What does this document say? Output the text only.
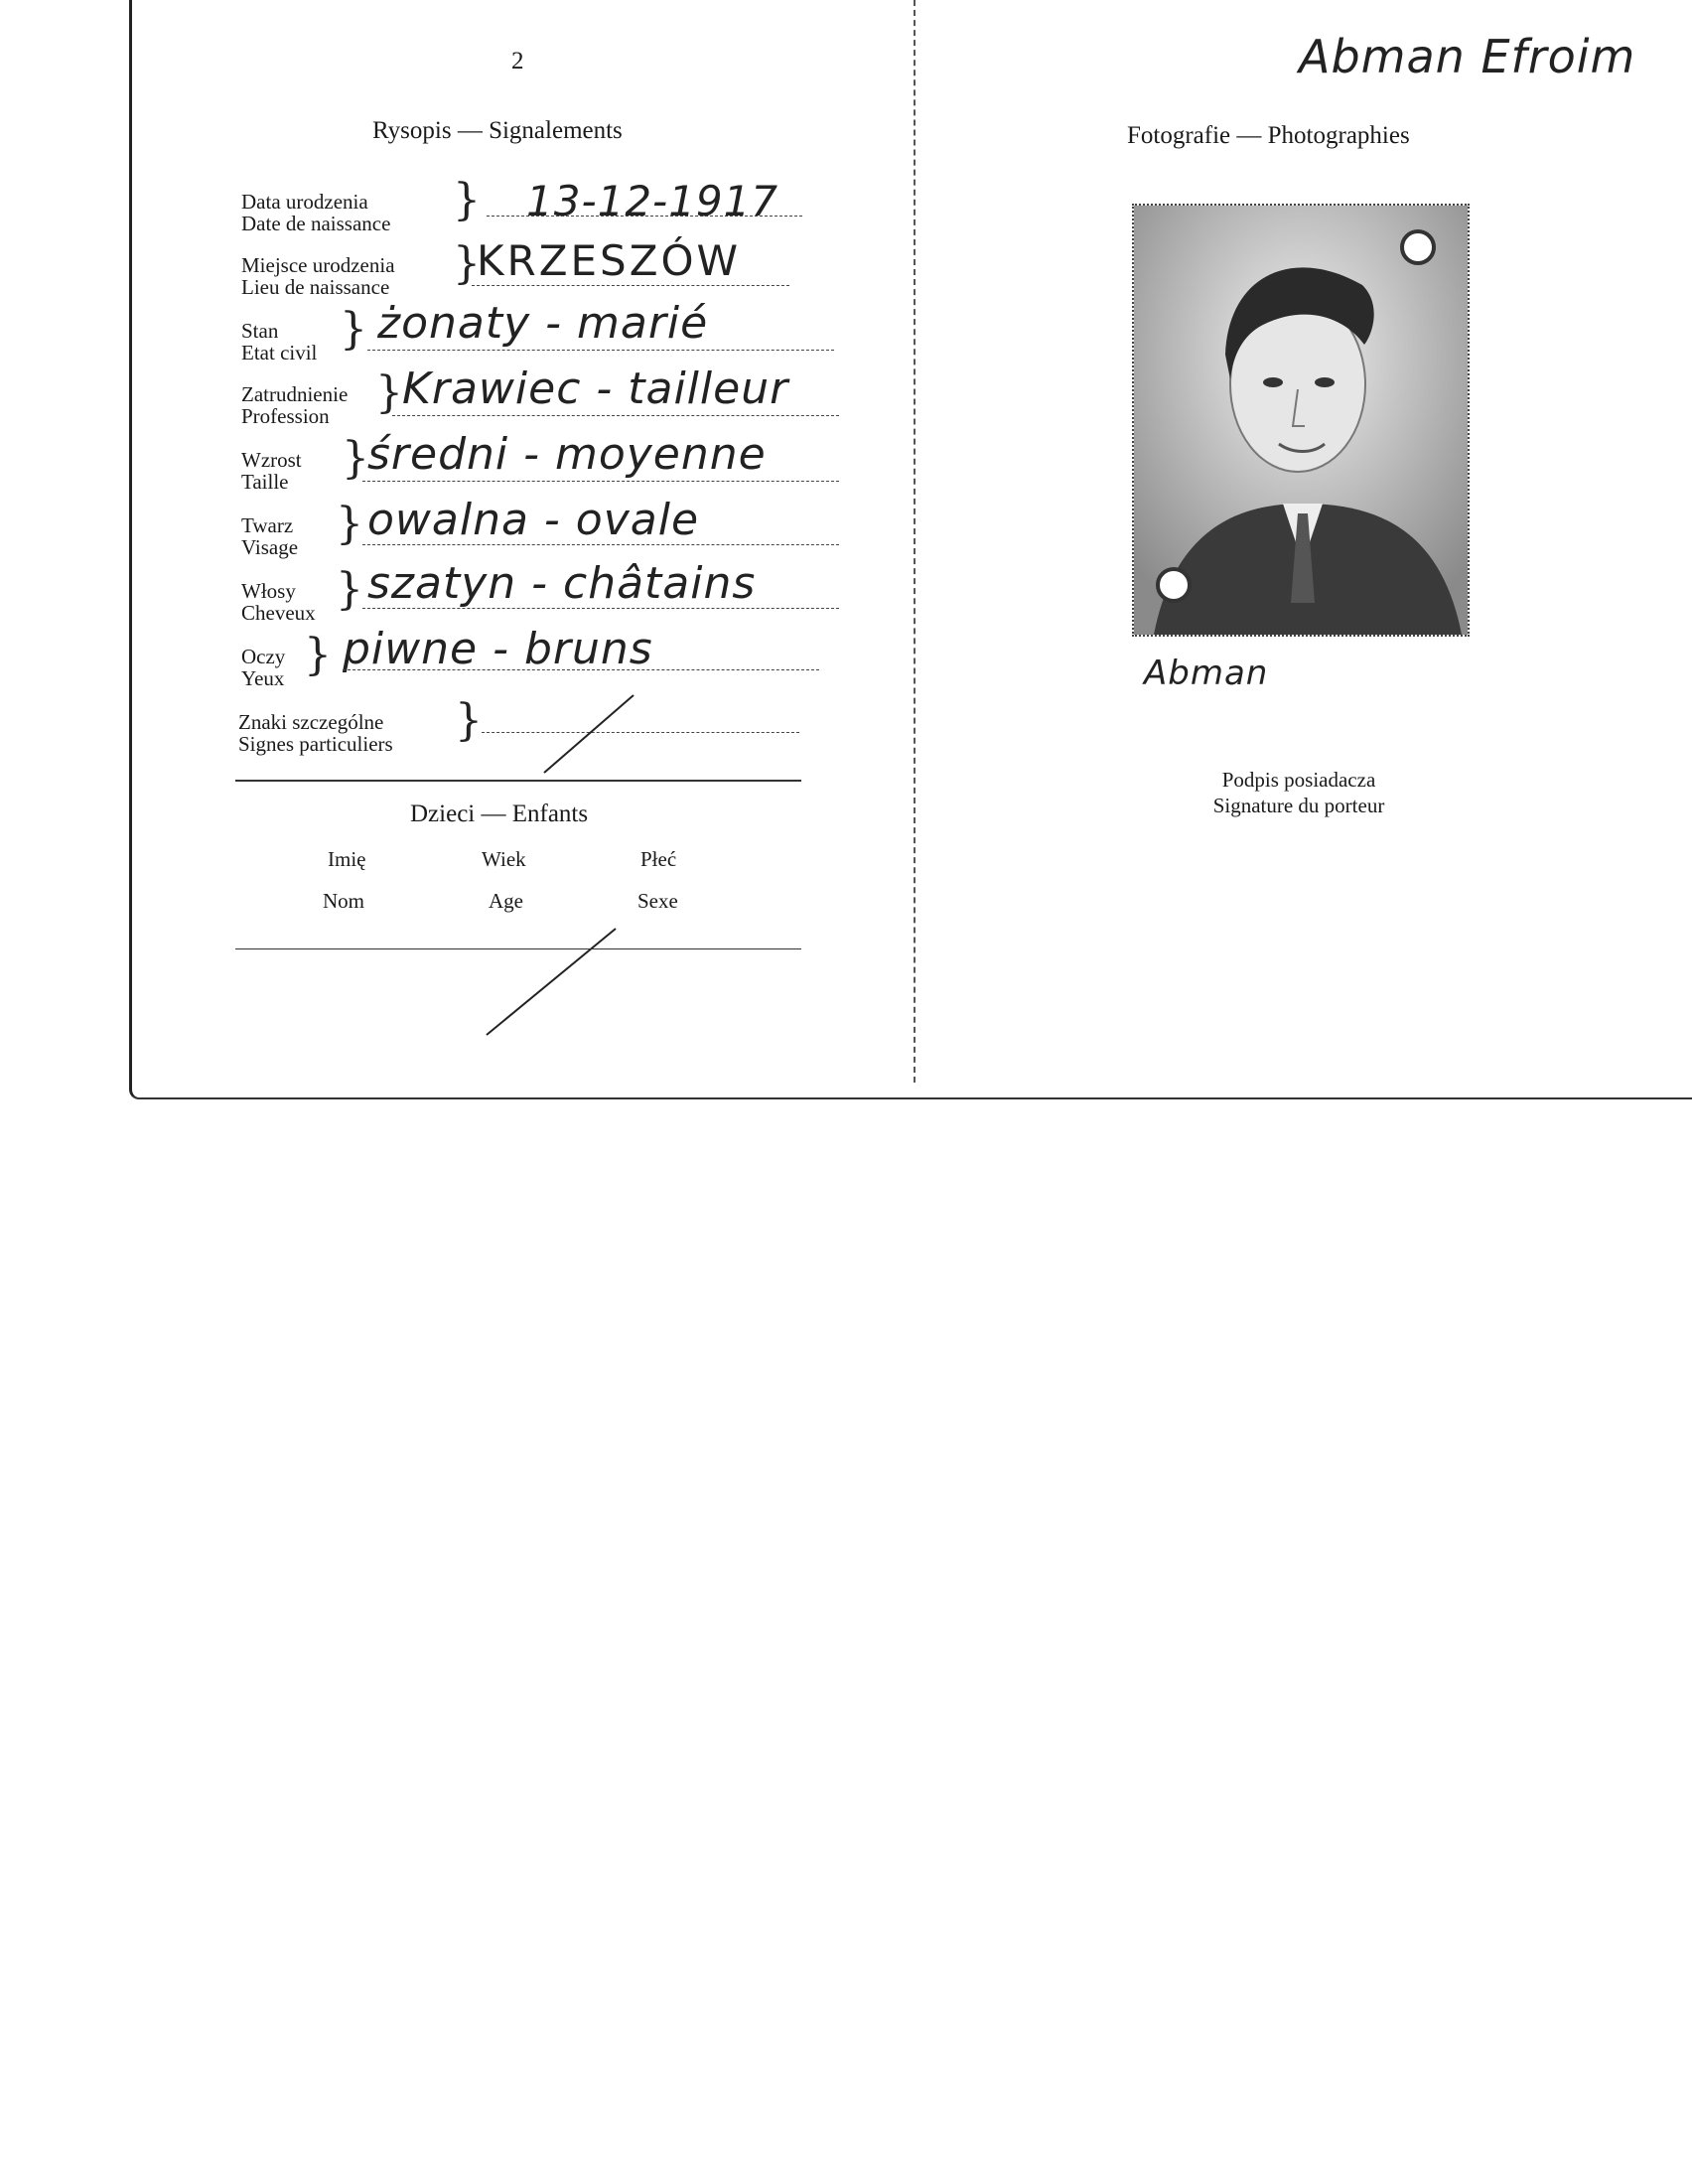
2
Rysopis — Signalements
Data urodzenia
Date de naissance } 13-12-1917
Miejsce urodzenia
Lieu de naissance }
KRZESZÓW
Stan
Etat civil } żonaty - marié
Zatrudnienie
Profession } Krawiec - tailleur
Wzrost
Taille }
średni - moyenne
Twarz
Visage } owalna - ovale
Włosy
Cheveux } szatyn - châtains
Oczy
Yeux } piwne - bruns
Znaki szczególne
Signes particuliers }
Dzieci — Enfants
Imię
Nom
Wiek
Age
Płeć
Sexe
Abman Efroim
Fotografie — Photographies
Abman
Podpis posiadacza
Signature du porteur
